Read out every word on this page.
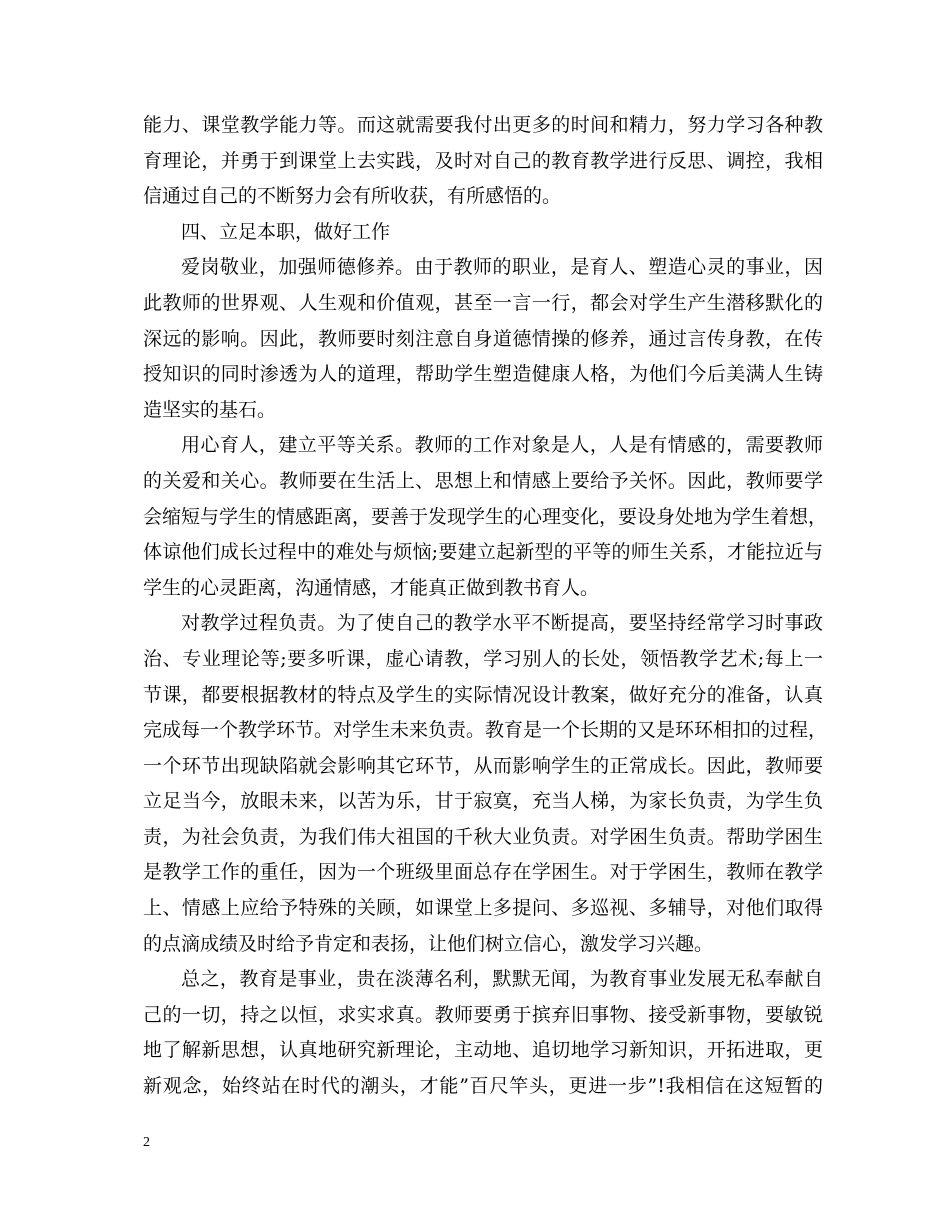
能力、课堂教学能力等。而这就需要我付出更多的时间和精力，努力学习各种教
育理论，并勇于到课堂上去实践，及时对自己的教育教学进行反思、调控，我相
信通过自己的不断努力会有所收获，有所感悟的。
四、立足本职，做好工作
爱岗敬业，加强师德修养。由于教师的职业，是育人、塑造心灵的事业，因
此教师的世界观、人生观和价值观，甚至一言一行，都会对学生产生潜移默化的
深远的影响。因此，教师要时刻注意自身道德情操的修养，通过言传身教，在传
授知识的同时渗透为人的道理，帮助学生塑造健康人格，为他们今后美满人生铸
造坚实的基石。
用心育人，建立平等关系。教师的工作对象是人，人是有情感的，需要教师
的关爱和关心。教师要在生活上、思想上和情感上要给予关怀。因此，教师要学
会缩短与学生的情感距离，要善于发现学生的心理变化，要设身处地为学生着想，
体谅他们成长过程中的难处与烦恼;要建立起新型的平等的师生关系，才能拉近与
学生的心灵距离，沟通情感，才能真正做到教书育人。
对教学过程负责。为了使自己的教学水平不断提高，要坚持经常学习时事政
治、专业理论等;要多听课，虚心请教，学习别人的长处，领悟教学艺术;每上一
节课，都要根据教材的特点及学生的实际情况设计教案，做好充分的准备，认真
完成每一个教学环节。对学生未来负责。教育是一个长期的又是环环相扣的过程，
一个环节出现缺陷就会影响其它环节，从而影响学生的正常成长。因此，教师要
立足当今，放眼未来，以苦为乐，甘于寂寞，充当人梯，为家长负责，为学生负
责，为社会负责，为我们伟大祖国的千秋大业负责。对学困生负责。帮助学困生
是教学工作的重任，因为一个班级里面总存在学困生。对于学困生，教师在教学
上、情感上应给予特殊的关顾，如课堂上多提问、多巡视、多辅导，对他们取得
的点滴成绩及时给予肯定和表扬，让他们树立信心，激发学习兴趣。
总之，教育是事业，贵在淡薄名利，默默无闻，为教育事业发展无私奉献自
己的一切，持之以恒，求实求真。教师要勇于摈弃旧事物、接受新事物，要敏锐
地了解新思想，认真地研究新理论，主动地、追切地学习新知识，开拓进取，更
新观念，始终站在时代的潮头，才能”百尺竿头，更进一步”!我相信在这短暂的
2
